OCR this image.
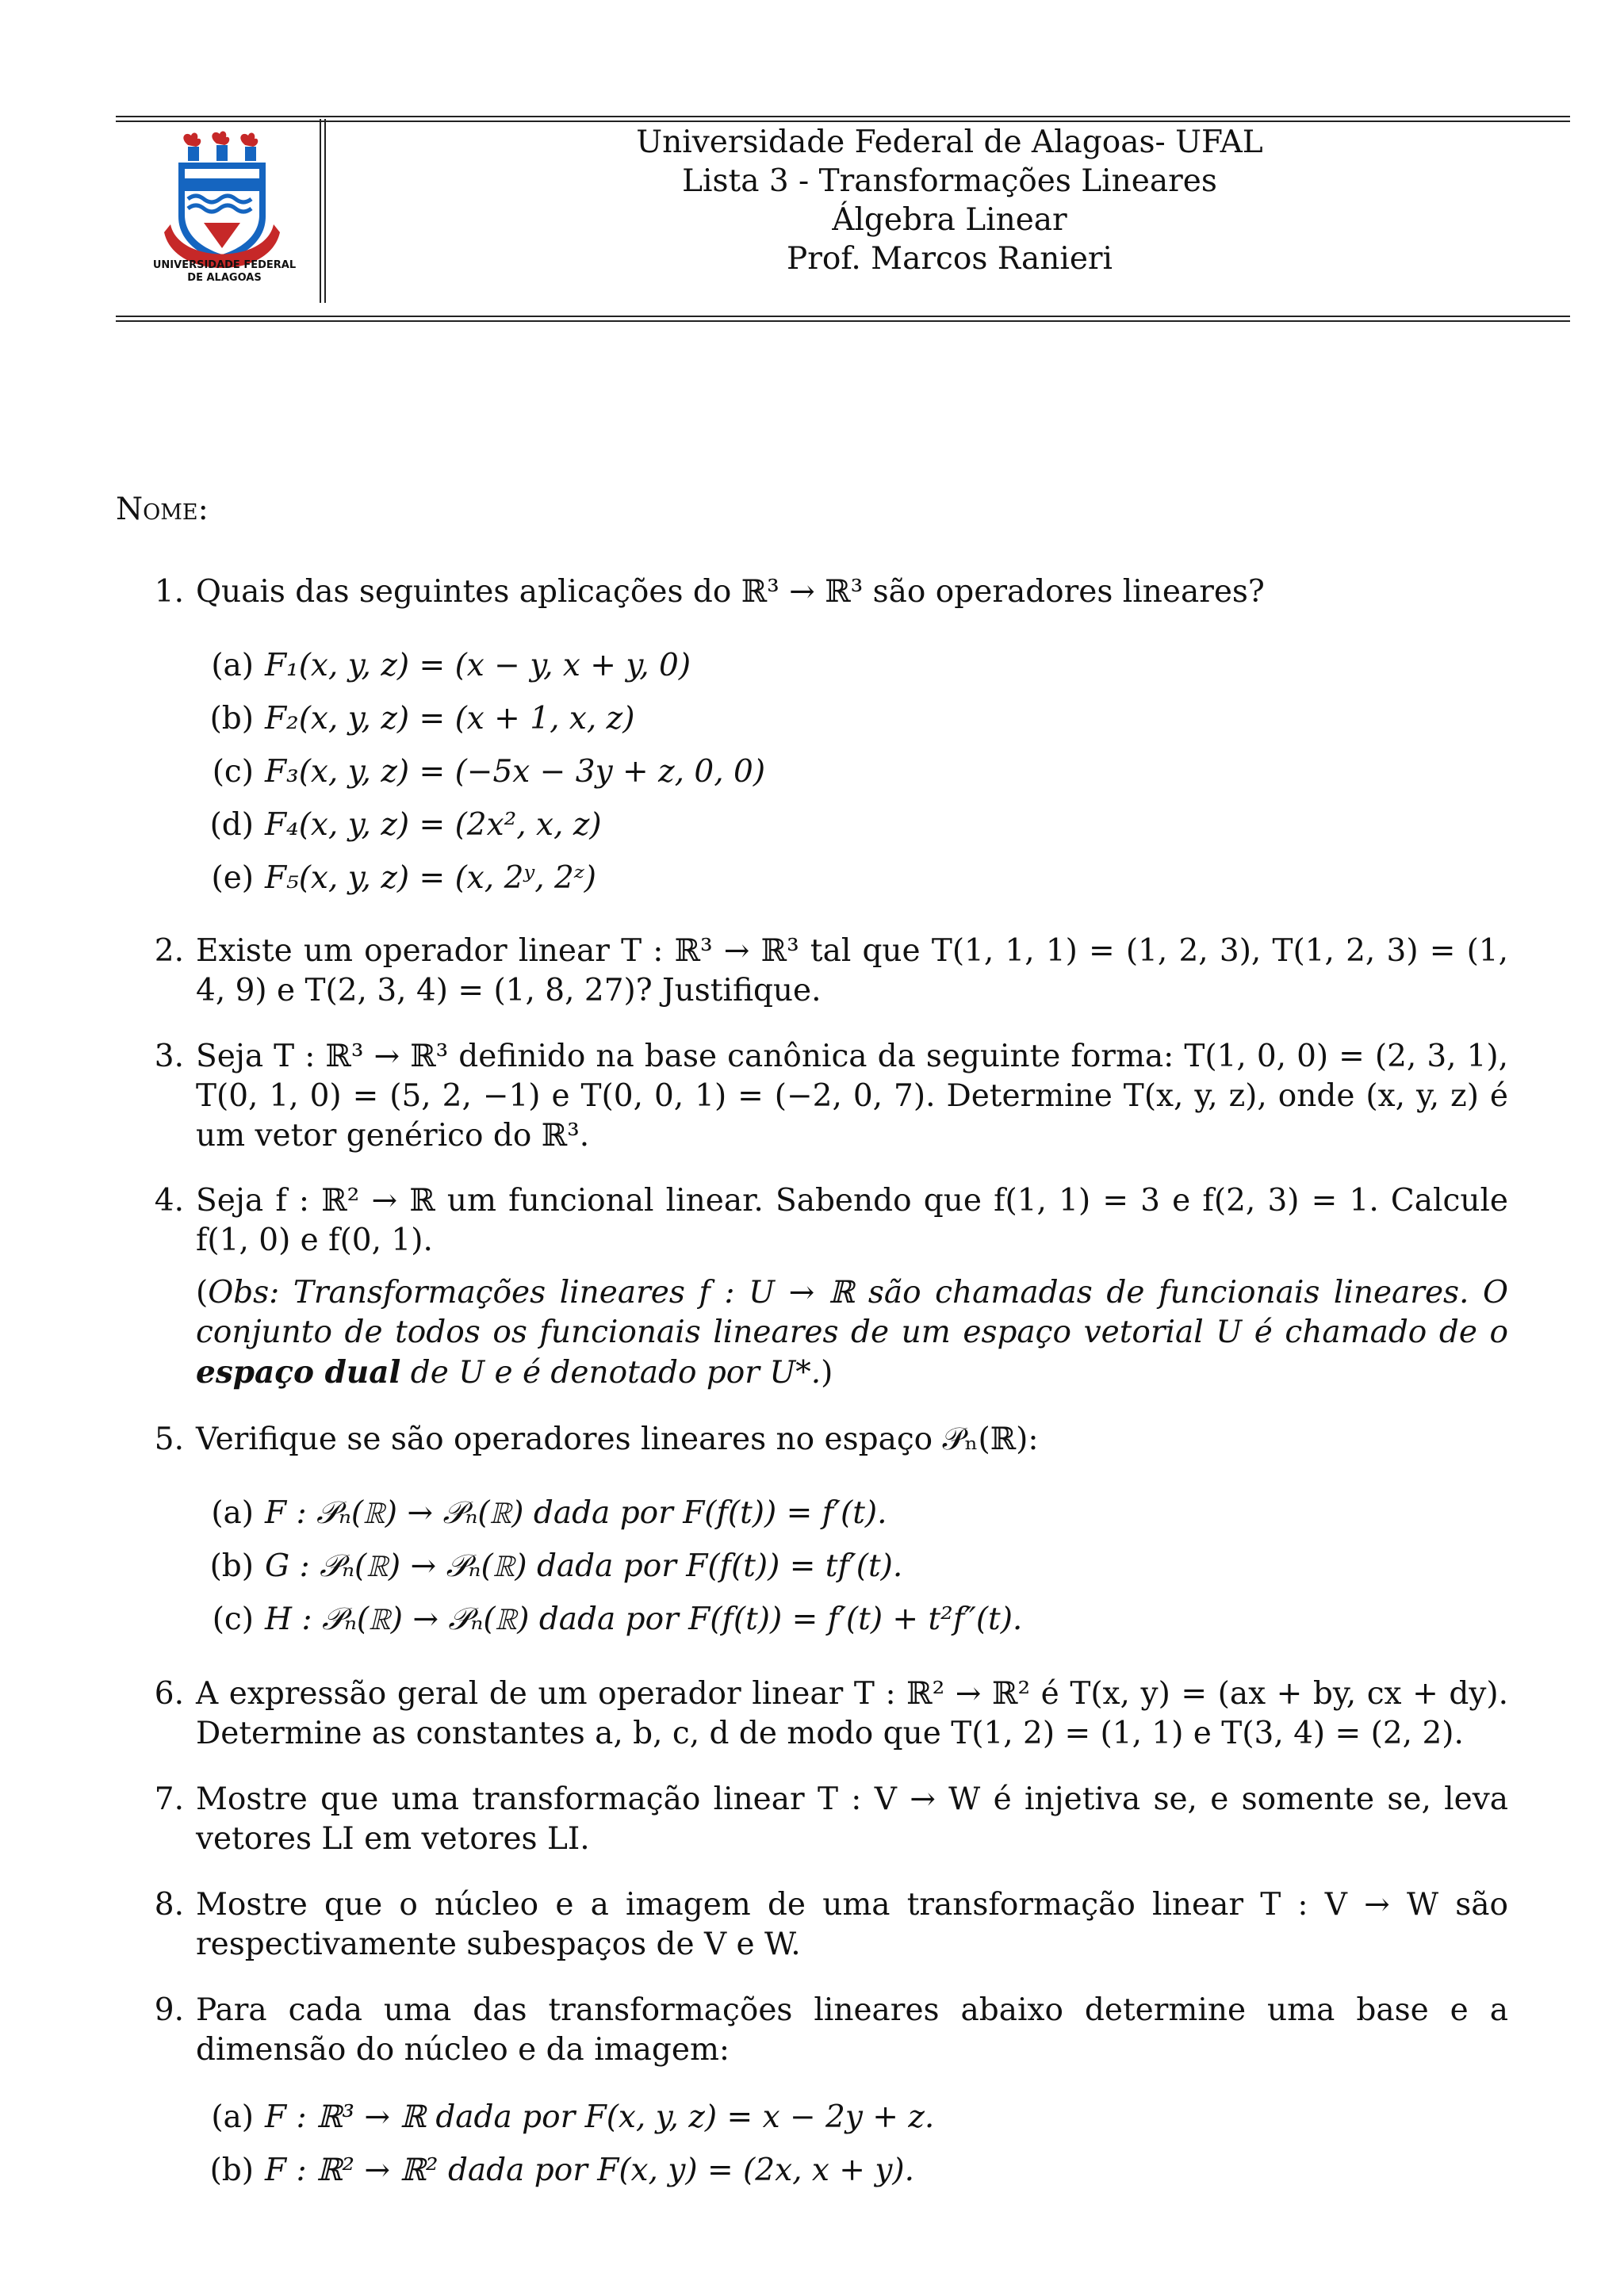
UNIVERSIDADE FEDERAL
DE ALAGOAS
Universidade Federal de Alagoas- UFAL
Lista 3 - Transformações Lineares
Álgebra Linear
Prof. Marcos Ranieri
Nome:
1. Quais das seguintes aplicações do ℝ³ → ℝ³ são operadores lineares?
(a) F₁(x, y, z) = (x − y, x + y, 0)
(b) F₂(x, y, z) = (x + 1, x, z)
(c) F₃(x, y, z) = (−5x − 3y + z, 0, 0)
(d) F₄(x, y, z) = (2x², x, z)
(e) F₅(x, y, z) = (x, 2ʸ, 2ᶻ)
2. Existe um operador linear T : ℝ³ → ℝ³ tal que T(1, 1, 1) = (1, 2, 3), T(1, 2, 3) = (1, 4, 9) e T(2, 3, 4) = (1, 8, 27)? Justifique.
3. Seja T : ℝ³ → ℝ³ definido na base canônica da seguinte forma: T(1, 0, 0) = (2, 3, 1), T(0, 1, 0) = (5, 2, −1) e T(0, 0, 1) = (−2, 0, 7). Determine T(x, y, z), onde (x, y, z) é um vetor genérico do ℝ³.
4. Seja f : ℝ² → ℝ um funcional linear. Sabendo que f(1, 1) = 3 e f(2, 3) = 1. Calcule f(1, 0) e f(0, 1).
(Obs: Transformações lineares f : U → ℝ são chamadas de funcionais lineares. O conjunto de todos os funcionais lineares de um espaço vetorial U é chamado de o espaço dual de U e é denotado por U*.)
5. Verifique se são operadores lineares no espaço 𝒫ₙ(ℝ):
(a) F : 𝒫ₙ(ℝ) → 𝒫ₙ(ℝ) dada por F(f(t)) = f′(t).
(b) G : 𝒫ₙ(ℝ) → 𝒫ₙ(ℝ) dada por F(f(t)) = tf′(t).
(c) H : 𝒫ₙ(ℝ) → 𝒫ₙ(ℝ) dada por F(f(t)) = f′(t) + t²f″(t).
6. A expressão geral de um operador linear T : ℝ² → ℝ² é T(x, y) = (ax + by, cx + dy). Determine as constantes a, b, c, d de modo que T(1, 2) = (1, 1) e T(3, 4) = (2, 2).
7. Mostre que uma transformação linear T : V → W é injetiva se, e somente se, leva vetores LI em vetores LI.
8. Mostre que o núcleo e a imagem de uma transformação linear T : V → W são respectivamente subespaços de V e W.
9. Para cada uma das transformações lineares abaixo determine uma base e a dimensão do núcleo e da imagem:
(a) F : ℝ³ → ℝ dada por F(x, y, z) = x − 2y + z.
(b) F : ℝ² → ℝ² dada por F(x, y) = (2x, x + y).
